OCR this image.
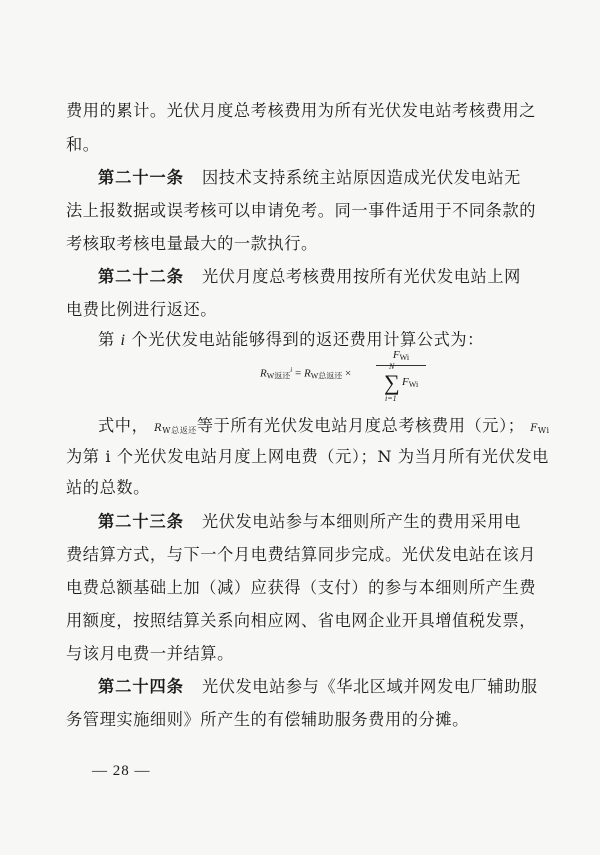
费用的累计。光伏月度总考核费用为所有光伏发电站考核费用之
和。
第二十一条 因技术支持系统主站原因造成光伏发电站无
法上报数据或误考核可以申请免考。同一事件适用于不同条款的
考核取考核电量最大的一款执行。
第二十二条 光伏月度总考核费用按所有光伏发电站上网
电费比例进行返还。
第 i 个光伏发电站能够得到的返还费用计算公式为：
$R_{W返还}^i = R_{W总返还}$ ×
$F_{Wi}$
N
∑
i=1
$F_{Wi}$
式中， $R_{W总返还}$等于所有光伏发电站月度总考核费用（元）； $F_{Wi}$
为第 i 个光伏发电站月度上网电费（元）；N 为当月所有光伏发电
站的总数。
第二十三条 光伏发电站参与本细则所产生的费用采用电
费结算方式，与下一个月电费结算同步完成。光伏发电站在该月
电费总额基础上加（减）应获得（支付）的参与本细则所产生费
用额度，按照结算关系向相应网、省电网企业开具增值税发票，
与该月电费一并结算。
第二十四条 光伏发电站参与《华北区域并网发电厂辅助服
务管理实施细则》所产生的有偿辅助服务费用的分摊。
— 28 —
